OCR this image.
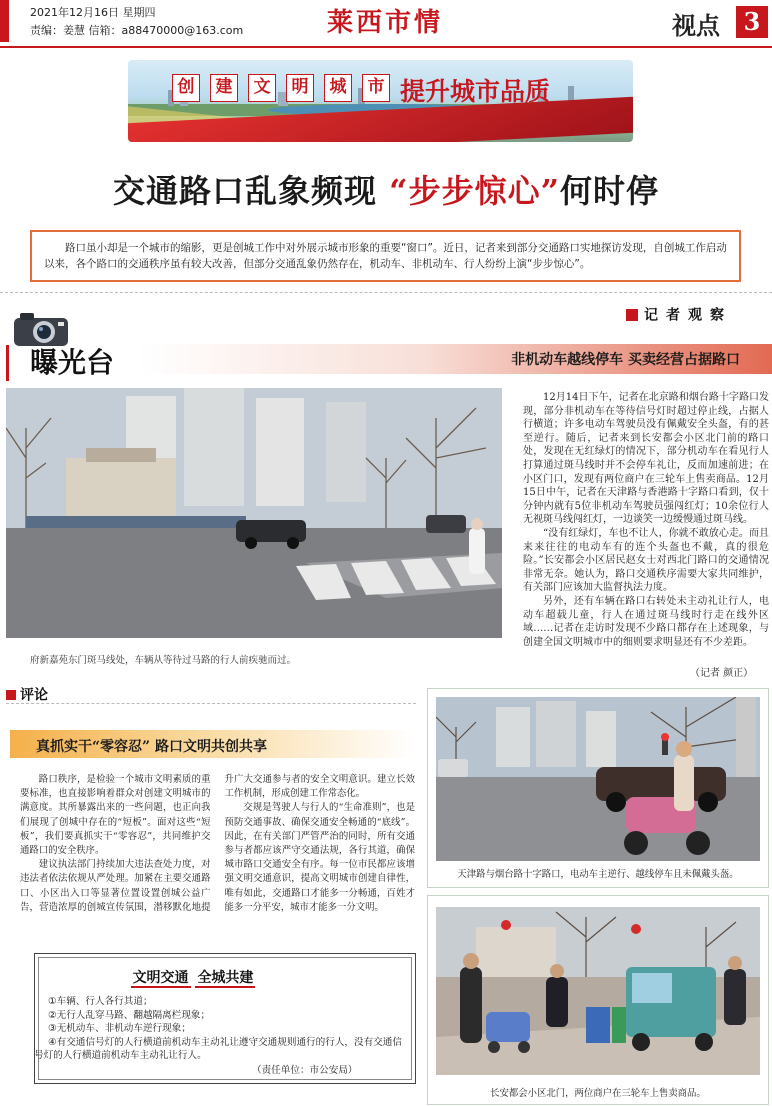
2021年12月16日 星期四
责编：姜慧 信箱：a88470000@163.com	莱西市情	视点 3
创	建	文	明	城	市 提升城市品质
交通路口乱象频现 “步步惊心”何时停
路口虽小却是一个城市的缩影，更是创城工作中对外展示城市形象的重要“窗口”。近日，记者来到部分交通路口实地探访发现，自创城工作启动以来，各个路口的交通秩序虽有较大改善，但部分交通乱象仍然存在，机动车、非机动车、行人纷纷上演“步步惊心”。
曝光台
记者观察
非机动车越线停车 买卖经营占据路口
府新嘉苑东门斑马线处，车辆从等待过马路的行人前疾驰而过。

12月14日下午，记者在北京路和烟台路十字路口发现，部分非机动车在等待信号灯时超过停止线，占据人行横道；许多电动车驾驶员没有佩戴安全头盔，有的甚至逆行。随后，记者来到长安都会小区北门前的路口处，发现在无红绿灯的情况下，部分机动车在看见行人打算通过斑马线时并不会停车礼让，反而加速前进；在小区门口，发现有两位商户在三轮车上售卖商品。12月15日中午，记者在天津路与香港路十字路口看到，仅十分钟内就有5位非机动车驾驶员强闯红灯；10余位行人无视斑马线闯红灯，一边谈笑一边缓慢通过斑马线。

“没有红绿灯，车也不让人，你就不敢放心走。而且来来往往的电动车有的连个头盔也不戴，真的很危险。”长安都会小区居民赵女士对西北门路口的交通情况非常无奈。她认为，路口交通秩序需要大家共同维护，有关部门应该加大监督执法力度。

另外，还有车辆在路口右转处未主动礼让行人，电动车超载儿童，行人在通过斑马线时行走在线外区域……记者在走访时发现不少路口都存在上述现象，与创建全国文明城市中的细则要求明显还有不少差距。

（记者 颜正）
评论
真抓实干“零容忍” 路口文明共创共享

路口秩序，是检验一个城市文明素质的重要标准，也直接影响着群众对创建文明城市的满意度。其所暴露出来的一些问题，也正向我们展现了创城中存在的“短板”。面对这些“短板”，我们要真抓实干“零容忍”，共同维护交通路口的安全秩序。

建议执法部门持续加大违法查处力度，对违法者依法依规从严处理。加紧在主要交通路口、小区出入口等显著位置设置创城公益广告，营造浓厚的创城宣传氛围，潜移默化地提升广大交通参与者的安全文明意识。建立长效工作机制，形成创建工作常态化。

交规是驾驶人与行人的“生命准则”，也是预防交通事故、确保交通安全畅通的“底线”。因此，在有关部门严管严治的同时，所有交通参与者都应该严守交通法规，各行其道，确保城市路口交通安全有序。每一位市民都应该增强文明交通意识，提高文明城市创建自律性，唯有如此，交通路口才能多一分畅通，百姓才能多一分平安，城市才能多一分文明。

文明交通 全城共建
①车辆、行人各行其道；
②无行人乱穿马路、翻越隔离栏现象；
③无机动车、非机动车逆行现象；
④有交通信号灯的人行横道前机动车主动礼让遵守交通规则通行的行人，没有交通信号灯的人行横道前机动车主动礼让行人。
（责任单位：市公安局）
天津路与烟台路十字路口，电动车主逆行、越线停车且未佩戴头盔。
长安都会小区北门，两位商户在三轮车上售卖商品。
